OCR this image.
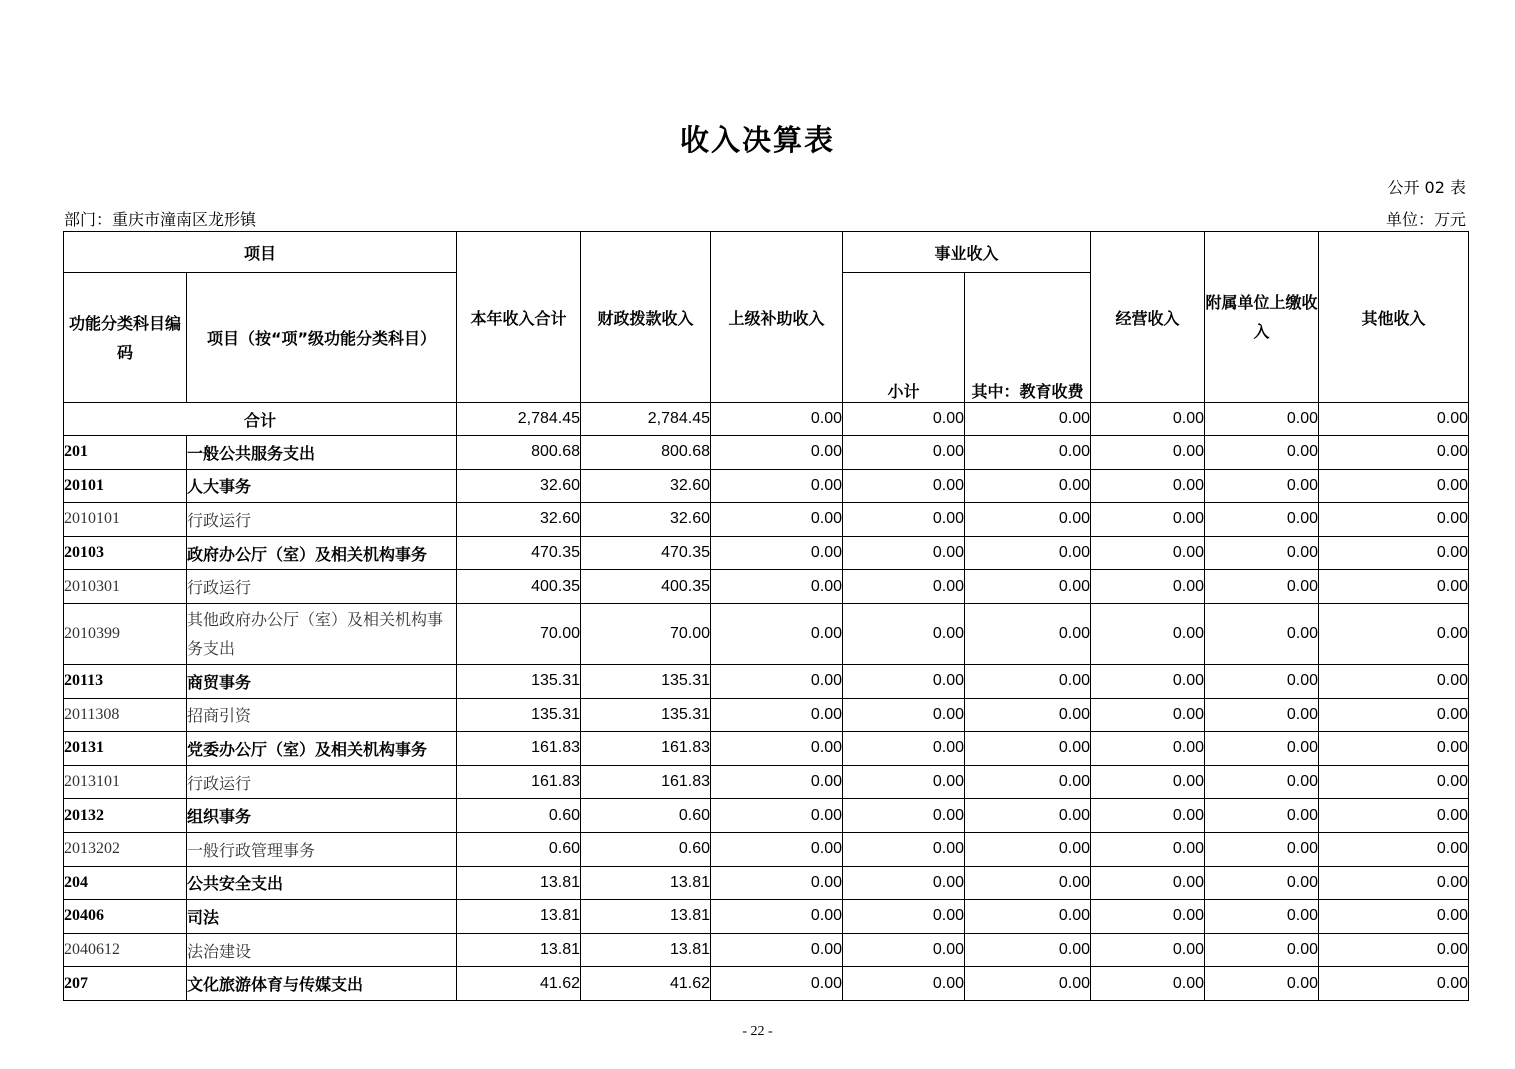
收入决算表
公开 02 表
部门：重庆市潼南区龙形镇	单位：万元
项目		本年收入合计	财政拨款收入	上级补助收入	事业收入		经营收入	附属单位上缴收入	其他收入
功能分类科目编码	项目（按“项”级功能分类科目）				小计	其中：教育收费			
合计		2,784.45	2,784.45	0.00	0.00	0.00	0.00	0.00	0.00
201	一般公共服务支出	800.68	800.68	0.00	0.00	0.00	0.00	0.00	0.00
20101	人大事务	32.60	32.60	0.00	0.00	0.00	0.00	0.00	0.00
2010101	行政运行	32.60	32.60	0.00	0.00	0.00	0.00	0.00	0.00
20103	政府办公厅（室）及相关机构事务	470.35	470.35	0.00	0.00	0.00	0.00	0.00	0.00
2010301	行政运行	400.35	400.35	0.00	0.00	0.00	0.00	0.00	0.00
2010399	其他政府办公厅（室）及相关机构事务支出	70.00	70.00	0.00	0.00	0.00	0.00	0.00	0.00
20113	商贸事务	135.31	135.31	0.00	0.00	0.00	0.00	0.00	0.00
2011308	招商引资	135.31	135.31	0.00	0.00	0.00	0.00	0.00	0.00
20131	党委办公厅（室）及相关机构事务	161.83	161.83	0.00	0.00	0.00	0.00	0.00	0.00
2013101	行政运行	161.83	161.83	0.00	0.00	0.00	0.00	0.00	0.00
20132	组织事务	0.60	0.60	0.00	0.00	0.00	0.00	0.00	0.00
2013202	一般行政管理事务	0.60	0.60	0.00	0.00	0.00	0.00	0.00	0.00
204	公共安全支出	13.81	13.81	0.00	0.00	0.00	0.00	0.00	0.00
20406	司法	13.81	13.81	0.00	0.00	0.00	0.00	0.00	0.00
2040612	法治建设	13.81	13.81	0.00	0.00	0.00	0.00	0.00	0.00
207	文化旅游体育与传媒支出	41.62	41.62	0.00	0.00	0.00	0.00	0.00	0.00
- 22 -
